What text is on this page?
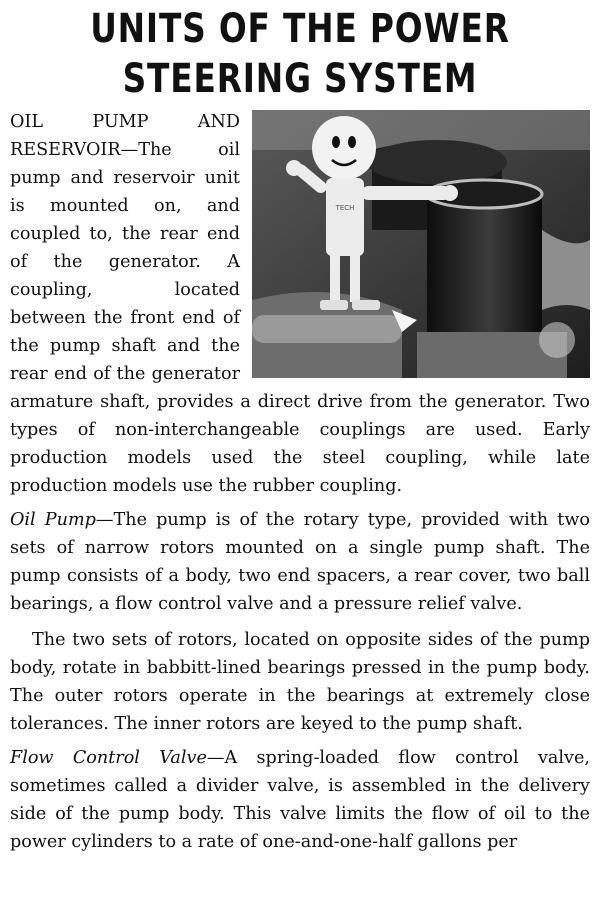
UNITS OF THE POWER
STEERING SYSTEM

TECH
OIL PUMP AND RESERVOIR—The oil pump and reservoir unit is mounted on, and coupled to, the rear end of the generator. A coupling, located between the front end of the pump shaft and the rear end of the generator armature shaft, provides a direct drive from the generator. Two types of non-interchangeable couplings are used. Early production models used the steel coupling, while late production models use the rubber coupling.

Oil Pump—The pump is of the rotary type, provided with two sets of narrow rotors mounted on a single pump shaft. The pump consists of a body, two end spacers, a rear cover, two ball bearings, a flow control valve and a pressure relief valve.

The two sets of rotors, located on opposite sides of the pump body, rotate in babbitt-lined bearings pressed in the pump body. The outer rotors operate in the bearings at extremely close tolerances. The inner rotors are keyed to the pump shaft.

Flow Control Valve—A spring-loaded flow control valve, sometimes called a divider valve, is assembled in the delivery side of the pump body. This valve limits the flow of oil to the power cylinders to a rate of one-and-one-half gallons per
